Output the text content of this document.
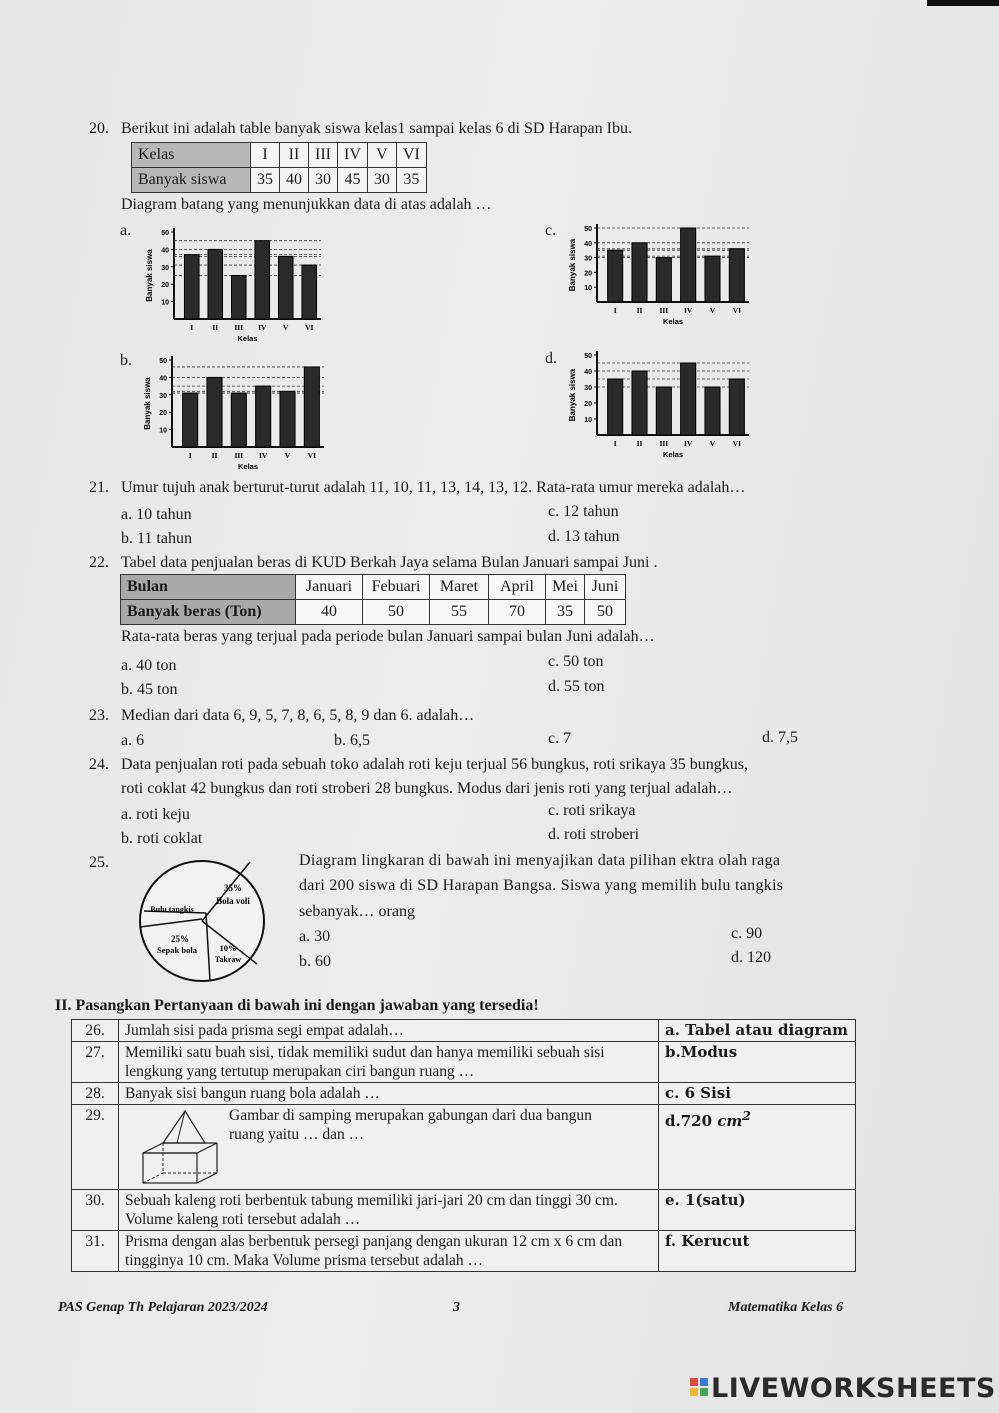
20. Berikut ini adalah table banyak siswa kelas1 sampai kelas 6 di SD Harapan Ibu.
Kelas	I	II	III	IV	V	VI
Banyak siswa	35	40	30	45	30	35
Diagram batang yang menunjukkan data di atas adalah …
a.	c.
b.	d.
Banyak siswa
10
20
30
40
50
I	II III IV V VI
Kelas
Banyak siswa 10
20
30
40
50
I	II III IV V VI
Kelas
Banyak siswa
10
20
30
40
50
I	II III IV V VI
Kelas
Banyak siswa 10
20
30
40
50
I	II III IV V VI
Kelas
21. Umur tujuh anak berturut-turut adalah 11, 10, 11, 13, 14, 13, 12. Rata-rata umur mereka adalah…
a. 10 tahun	c. 12 tahun
b. 11 tahun	d. 13 tahun
22. Tabel data penjualan beras di KUD Berkah Jaya selama Bulan Januari sampai Juni .
Bulan	Januari	Febuari	Maret	April	Mei	Juni
Banyak beras (Ton)	40	50	55	70	35	50
Rata-rata beras yang terjual pada periode bulan Januari sampai bulan Juni adalah…
a. 40 ton	c. 50 ton
b. 45 ton	d. 55 ton
23. Median dari data 6, 9, 5, 7, 8, 6, 5, 8, 9 dan 6. adalah…
a. 6	b. 6,5	c. 7	d. 7,5
24. Data penjualan roti pada sebuah toko adalah roti keju terjual 56 bungkus, roti srikaya 35 bungkus,
roti coklat 42 bungkus dan roti stroberi 28 bungkus. Modus dari jenis roti yang terjual adalah…
a. roti keju	c. roti srikaya
b. roti coklat	d. roti stroberi
25.
35%
Bola voli
Bulu tangkis
25%
Sepak bola	10%
Takraw
Diagram lingkaran di bawah ini menyajikan data pilihan ektra olah raga
dari 200 siswa di SD Harapan Bangsa. Siswa yang memilih bulu tangkis
sebanyak… orang
a. 30	c. 90
b. 60	d. 120
II. Pasangkan Pertanyaan di bawah ini dengan jawaban yang tersedia!
26.	Jumlah sisi pada prisma segi empat adalah…	a. Tabel atau diagram
27.	Memiliki satu buah sisi, tidak memiliki sudut dan hanya memiliki sebuah sisi lengkung yang tertutup merupakan ciri bangun ruang …	b.Modus
28.	Banyak sisi bangun ruang bola adalah …	c. 6 Sisi
29.	Gambar di samping merupakan gabungan dari dua bangun ruang yaitu … dan …	d.720 $cm^2$
30.	Sebuah kaleng roti berbentuk tabung memiliki jari-jari 20 cm dan tinggi 30 cm. Volume kaleng roti tersebut adalah …	e. 1(satu)
31.	Prisma dengan alas berbentuk persegi panjang dengan ukuran 12 cm x 6 cm dan tingginya 10 cm. Maka Volume prisma tersebut adalah …	f. Kerucut
PAS Genap Th Pelajaran 2023/2024	3	Matematika Kelas 6
LIVEWORKSHEETS
